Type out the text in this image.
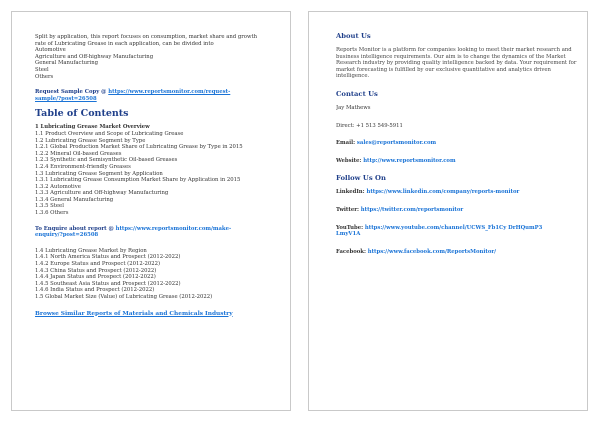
Split by application, this report focuses on consumption, market share and growth
rate of Lubricating Grease in each application, can be divided into
Automotive
Agriculture and Off-highway Manufacturing
General Manufacturing
Steel
Others
Request Sample Copy @ https://www.reportsmonitor.com/request-
sample/?post=26508
Table of Contents
1 Lubricating Grease Market Overview
1.1 Product Overview and Scope of Lubricating Grease
1.2 Lubricating Grease Segment by Type
1.2.1 Global Production Market Share of Lubricating Grease by Type in 2015
1.2.2 Mineral Oil-based Greases
1.2.3 Synthetic and Semisynthetic Oil-based Greases
1.2.4 Environment-friendly Greases
1.3 Lubricating Grease Segment by Application
1.3.1 Lubricating Grease Consumption Market Share by Application in 2015
1.3.2 Automotive
1.3.3 Agriculture and Off-highway Manufacturing
1.3.4 General Manufacturing
1.3.5 Steel
1.3.6 Others
To Enquire about report @ https://www.reportsmonitor.com/make-
enquiry/?post=26508
1.4 Lubricating Grease Market by Region
1.4.1 North America Status and Prospect (2012-2022)
1.4.2 Europe Status and Prospect (2012-2022)
1.4.3 China Status and Prospect (2012-2022)
1.4.4 Japan Status and Prospect (2012-2022)
1.4.5 Southeast Asia Status and Prospect (2012-2022)
1.4.6 India Status and Prospect (2012-2022)
1.5 Global Market Size (Value) of Lubricating Grease (2012-2022)
Browse Similar Reports of Materials and Chemicals Industry
About Us
Reports Monitor is a platform for companies looking to meet their market research and business intelligence requirements. Our aim is to change the dynamics of the Market Research industry by providing quality intelligence backed by data. Your requirement for market forecasting is fulfilled by our exclusive quantitative and analytics driven intelligence.
Contact Us
Jay Mathews
Direct: +1 513 549-5911
Email: sales@reportsmonitor.com
Website: http://www.reportsmonitor.com
Follow Us On
LinkedIn: https://www.linkedin.com/company/reports-monitor
Twitter: https://twitter.com/reportsmonitor
YouTube: https://www.youtube.com/channel/UCWS_Fb1Cy DrHQumP3
LmyV1A
Facebook: https://www.facebook.com/ReportsMonitor/
